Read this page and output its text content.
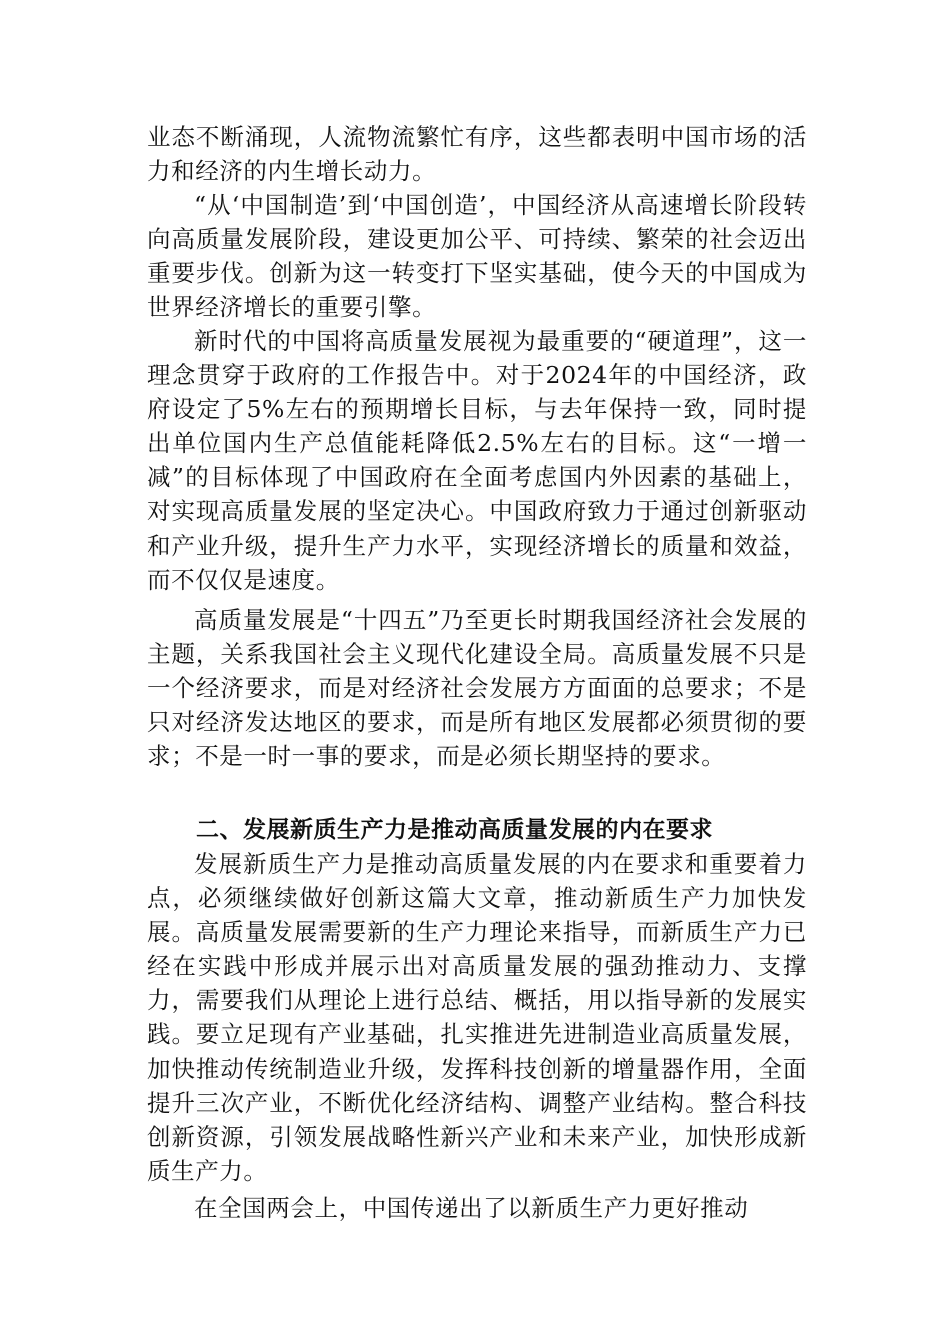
业态不断涌现，人流物流繁忙有序，这些都表明中国市场的活力和经济的内生增长动力。

“从‘中国制造’到‘中国创造’，中国经济从高速增长阶段转向高质量发展阶段，建设更加公平、可持续、繁荣的社会迈出重要步伐。创新为这一转变打下坚实基础，使今天的中国成为世界经济增长的重要引擎。

新时代的中国将高质量发展视为最重要的“硬道理”，这一理念贯穿于政府的工作报告中。对于2024年的中国经济，政府设定了5%左右的预期增长目标，与去年保持一致，同时提出单位国内生产总值能耗降低2.5%左右的目标。这“一增一减”的目标体现了中国政府在全面考虑国内外因素的基础上，对实现高质量发展的坚定决心。中国政府致力于通过创新驱动和产业升级，提升生产力水平，实现经济增长的质量和效益，而不仅仅是速度。

高质量发展是“十四五”乃至更长时期我国经济社会发展的主题，关系我国社会主义现代化建设全局。高质量发展不只是一个经济要求，而是对经济社会发展方方面面的总要求；不是只对经济发达地区的要求，而是所有地区发展都必须贯彻的要求；不是一时一事的要求，而是必须长期坚持的要求。

二、发展新质生产力是推动高质量发展的内在要求

发展新质生产力是推动高质量发展的内在要求和重要着力点，必须继续做好创新这篇大文章，推动新质生产力加快发展。高质量发展需要新的生产力理论来指导，而新质生产力已经在实践中形成并展示出对高质量发展的强劲推动力、支撑力，需要我们从理论上进行总结、概括，用以指导新的发展实践。要立足现有产业基础，扎实推进先进制造业高质量发展，加快推动传统制造业升级，发挥科技创新的增量器作用，全面提升三次产业，不断优化经济结构、调整产业结构。整合科技创新资源，引领发展战略性新兴产业和未来产业，加快形成新质生产力。

在全国两会上，中国传递出了以新质生产力更好推动
